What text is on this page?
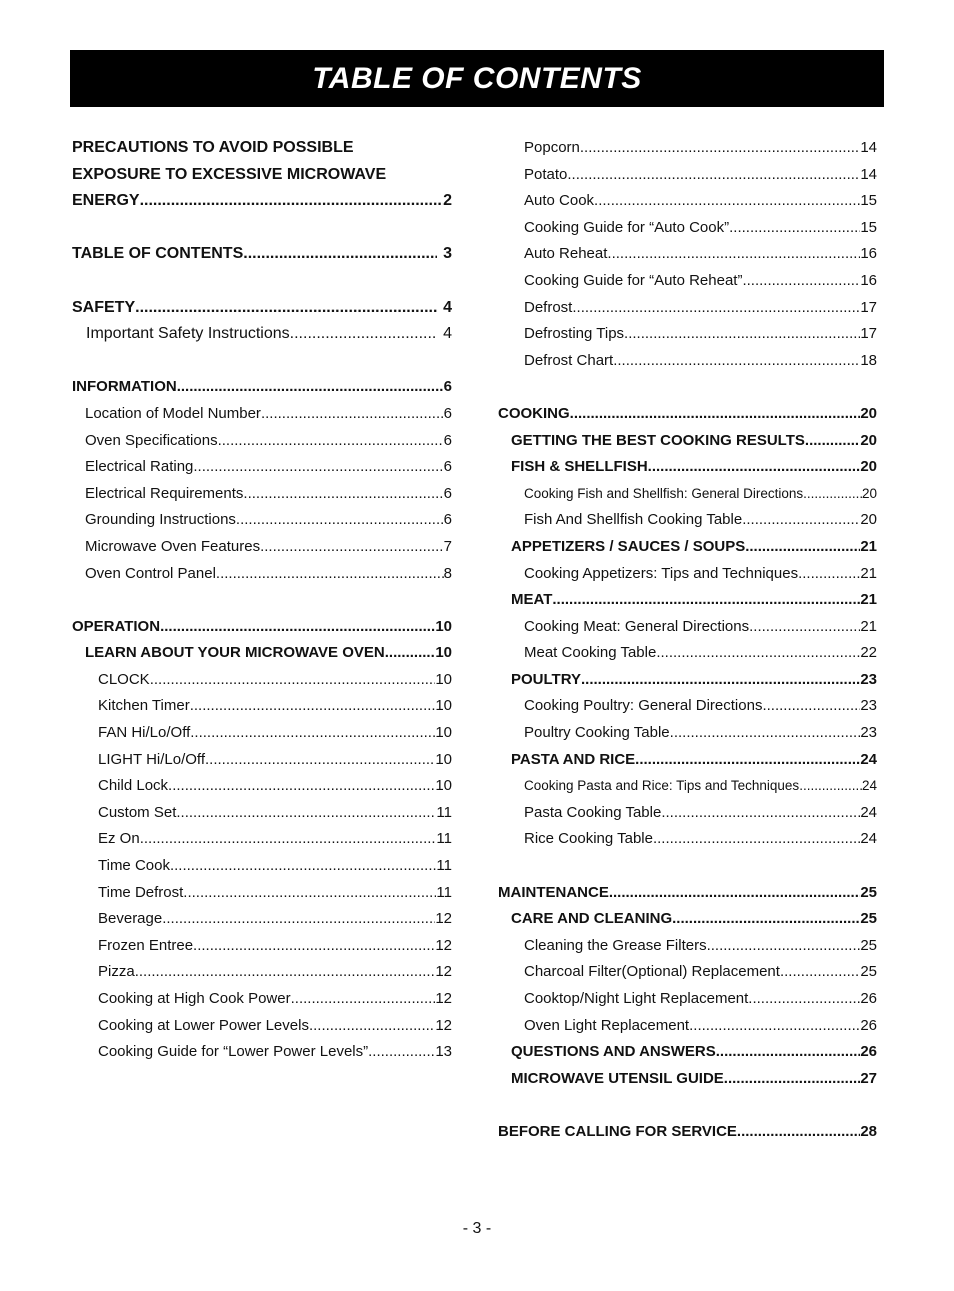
TABLE OF CONTENTS
PRECAUTIONS TO AVOID POSSIBLE
EXPOSURE TO EXCESSIVE MICROWAVE
ENERGY .....	2
TABLE OF CONTENTS .....	3
SAFETY .....	4
Important Safety Instructions .....	4
INFORMATION .....	6
Location of Model Number .....	6
Oven Specifications .....	6
Electrical Rating .....	6
Electrical Requirements .....	6
Grounding Instructions .....	6
Microwave Oven Features .....	7
Oven Control Panel .....	8
OPERATION .....	10
LEARN ABOUT YOUR MICROWAVE OVEN .....	10
CLOCK .....	10
Kitchen Timer .....	10
FAN Hi/Lo/Off .....	10
LIGHT Hi/Lo/Off .....	10
Child Lock .....	10
Custom Set .....	11
Ez On .....	11
Time Cook .....	11
Time Defrost .....	11
Beverage .....	12
Frozen Entree .....	12
Pizza .....	12
Cooking at High Cook Power .....	12
Cooking at Lower Power Levels .....	12
Cooking Guide for “Lower Power Levels” .....	13
Popcorn .....	14
Potato .....	14
Auto Cook .....	15
Cooking Guide for “Auto Cook” .....	15
Auto Reheat .....	16
Cooking Guide for “Auto Reheat” .....	16
Defrost .....	17
Defrosting Tips .....	17
Defrost Chart .....	18
COOKING .....	20
GETTING THE BEST COOKING RESULTS .....	20
FISH & SHELLFISH .....	20
Cooking Fish and Shellfish: General Directions .....	20
Fish And Shellfish Cooking Table .....	20
APPETIZERS / SAUCES / SOUPS .....	21
Cooking Appetizers: Tips and Techniques .....	21
MEAT .....	21
Cooking Meat: General Directions .....	21
Meat Cooking Table .....	22
POULTRY .....	23
Cooking Poultry: General Directions .....	23
Poultry Cooking Table .....	23
PASTA AND RICE .....	24
Cooking Pasta and Rice: Tips and Techniques .....	24
Pasta Cooking Table .....	24
Rice Cooking Table .....	24
MAINTENANCE .....	25
CARE AND CLEANING .....	25
Cleaning the Grease Filters .....	25
Charcoal Filter(Optional) Replacement .....	25
Cooktop/Night Light Replacement .....	26
Oven Light Replacement .....	26
QUESTIONS AND ANSWERS .....	26
MICROWAVE UTENSIL GUIDE .....	27
BEFORE CALLING FOR SERVICE .....	28
- 3 -
